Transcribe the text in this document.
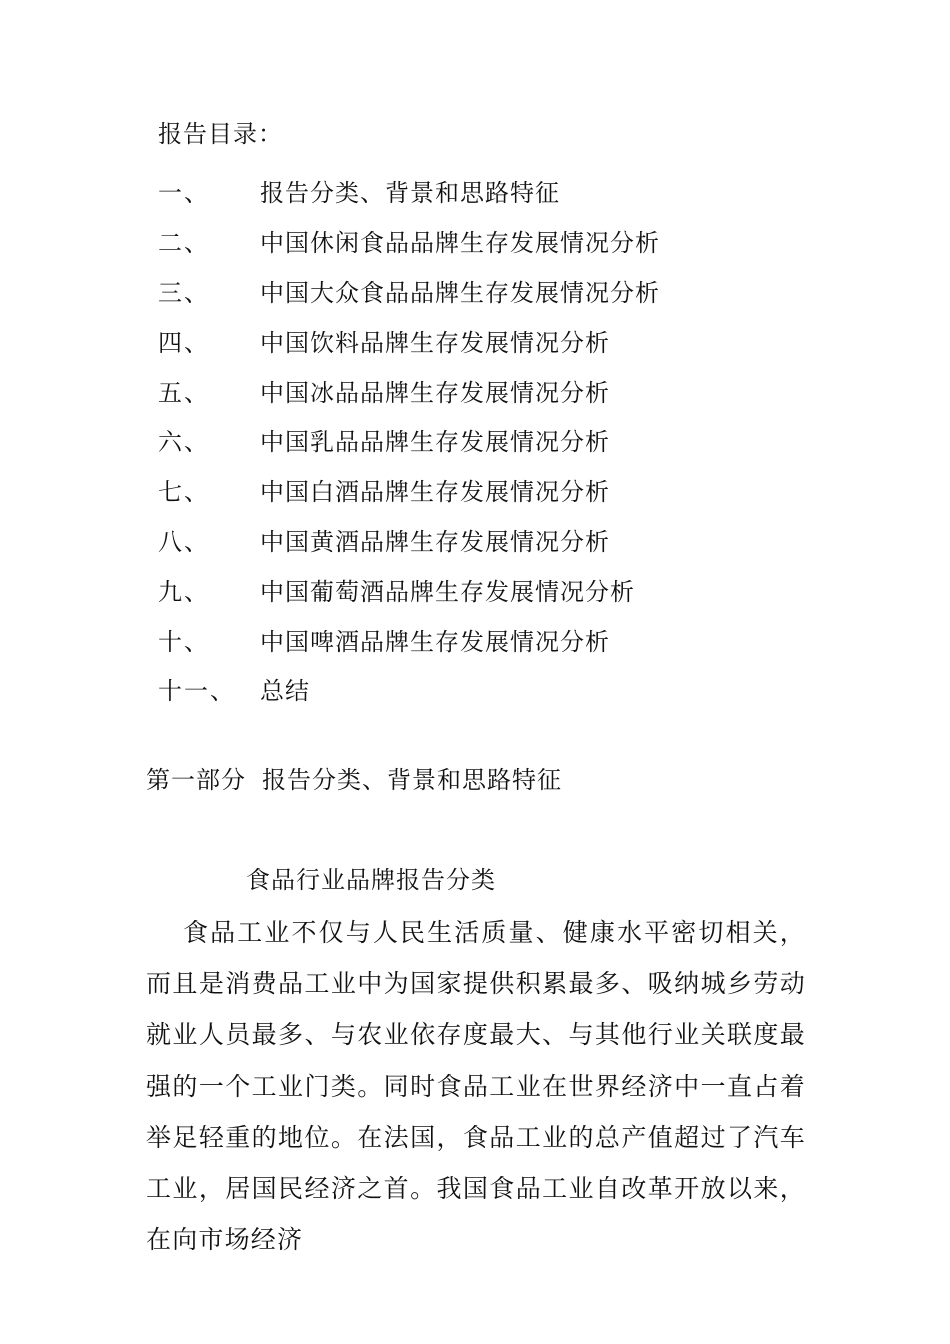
报告目录：
一、	报告分类、背景和思路特征
二、	中国休闲食品品牌生存发展情况分析
三、	中国大众食品品牌生存发展情况分析
四、	中国饮料品牌生存发展情况分析
五、	中国冰品品牌生存发展情况分析
六、	中国乳品品牌生存发展情况分析
七、	中国白酒品牌生存发展情况分析
八、	中国黄酒品牌生存发展情况分析
九、	中国葡萄酒品牌生存发展情况分析
十、	中国啤酒品牌生存发展情况分析
十一、	总结
第一部分 报告分类、背景和思路特征
食品行业品牌报告分类

食品工业不仅与人民生活质量、健康水平密切相关，而且是消费品工业中为国家提供积累最多、吸纳城乡劳动就业人员最多、与农业依存度最大、与其他行业关联度最强的一个工业门类。同时食品工业在世界经济中一直占着举足轻重的地位。在法国，食品工业的总产值超过了汽车工业，居国民经济之首。我国食品工业自改革开放以来，在向市场经济
